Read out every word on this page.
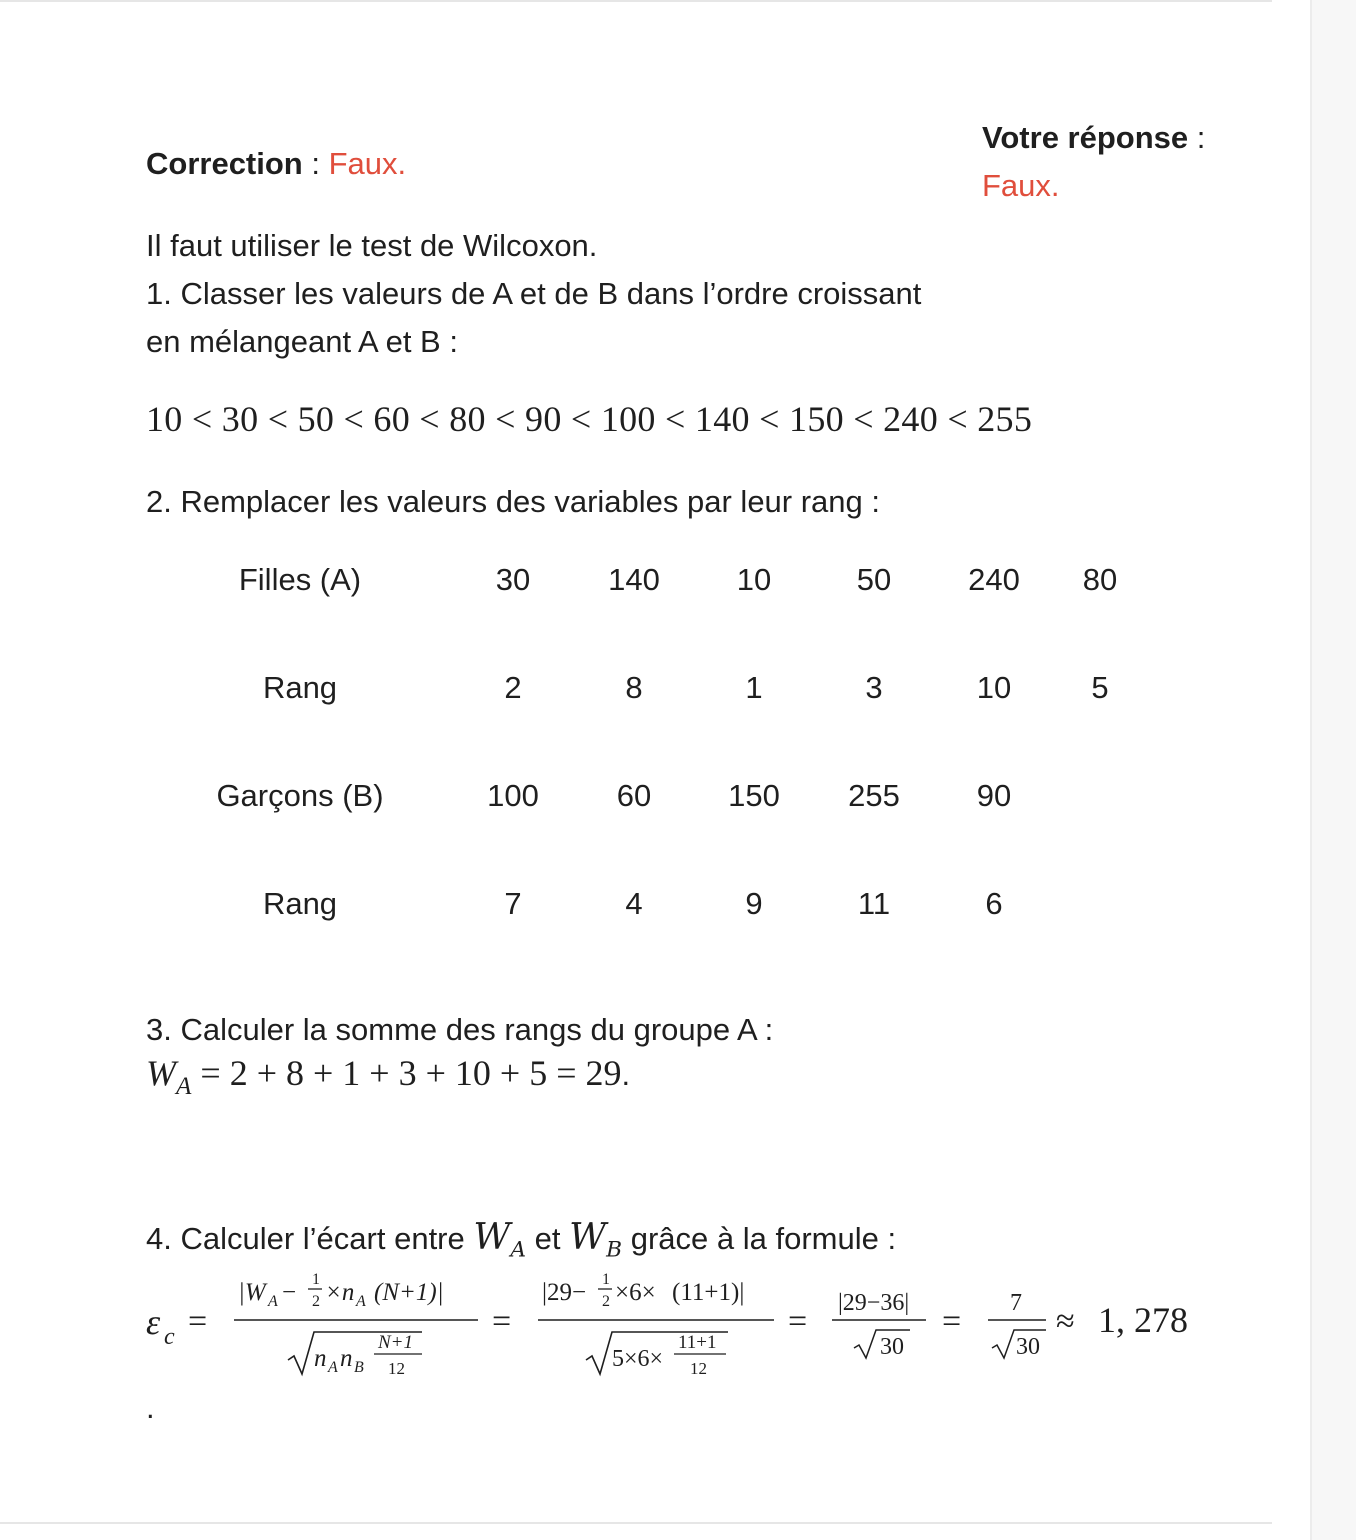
Correction : Faux.
Votre réponse :
Faux.
Il faut utiliser le test de Wilcoxon.
1. Classer les valeurs de A et de B dans l’ordre croissant
en mélangeant A et B :
10 < 30 < 50 < 60 < 80 < 90 < 100 < 140 < 150 < 240 < 255
2. Remplacer les valeurs des variables par leur rang :
Filles (A)	30	140	10	50	240	80
Rang	2	8	1	3	10	5
Garçons (B)	100	60	150	255	90
Rang	7	4	9	11	6
3. Calculer la somme des rangs du groupe A :
$W_A = 2 + 8 + 1 + 3 + 10 + 5 = 29$.
4. Calculer l’écart entre $W_A$ et $W_B$ grâce à la formule :
ε c =
|W A − 1
2 ×n A (N+1)|
n A n B
N+1
12
=
|29− 1
2 ×6× (11+1)|
5×6×
11+1
12
= |29−36|
30
= 7
30
≈ 1, 278
.
